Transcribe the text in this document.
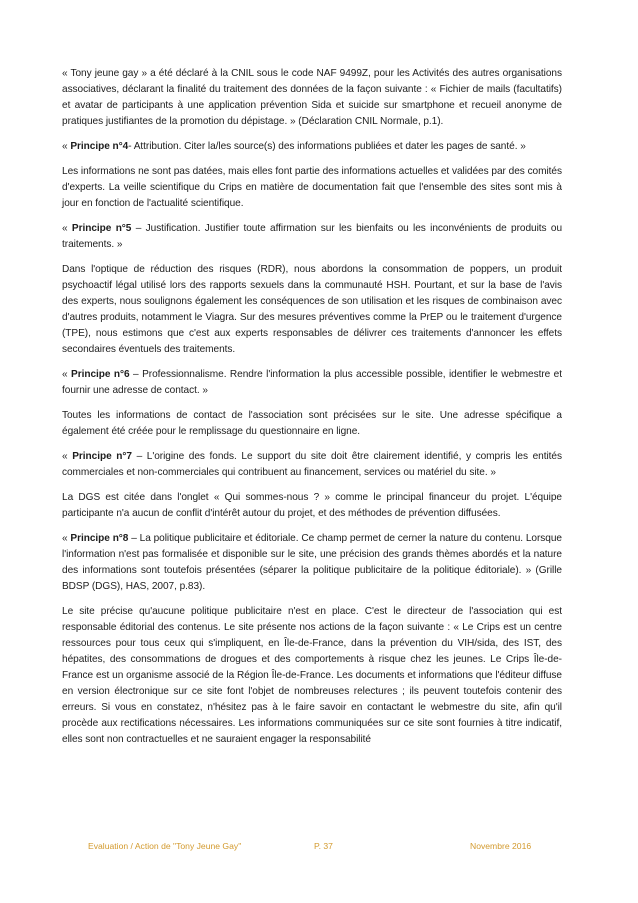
« Tony jeune gay » a été déclaré à la CNIL sous le code NAF 9499Z, pour les Activités des autres organisations associatives, déclarant la finalité du traitement des données de la façon suivante : « Fichier de mails (facultatifs) et avatar de participants à une application prévention Sida et suicide sur smartphone et recueil anonyme de pratiques justifiantes de la promotion du dépistage. » (Déclaration CNIL Normale, p.1).

« Principe n°4- Attribution. Citer la/les source(s) des informations publiées et dater les pages de santé. »

Les informations ne sont pas datées, mais elles font partie des informations actuelles et validées par des comités d'experts. La veille scientifique du Crips en matière de documentation fait que l'ensemble des sites sont mis à jour en fonction de l'actualité scientifique.

« Principe n°5 – Justification. Justifier toute affirmation sur les bienfaits ou les inconvénients de produits ou traitements. »

Dans l'optique de réduction des risques (RDR), nous abordons la consommation de poppers, un produit psychoactif légal utilisé lors des rapports sexuels dans la communauté HSH. Pourtant, et sur la base de l'avis des experts, nous soulignons également les conséquences de son utilisation et les risques de combinaison avec d'autres produits, notamment le Viagra. Sur des mesures préventives comme la PrEP ou le traitement d'urgence (TPE), nous estimons que c'est aux experts responsables de délivrer ces traitements d'annoncer les effets secondaires éventuels des traitements.

« Principe n°6 – Professionnalisme. Rendre l'information la plus accessible possible, identifier le webmestre et fournir une adresse de contact. »

Toutes les informations de contact de l'association sont précisées sur le site. Une adresse spécifique a également été créée pour le remplissage du questionnaire en ligne.

« Principe n°7 – L'origine des fonds. Le support du site doit être clairement identifié, y compris les entités commerciales et non-commerciales qui contribuent au financement, services ou matériel du site. »

La DGS est citée dans l'onglet « Qui sommes-nous ? » comme le principal financeur du projet. L'équipe participante n'a aucun de conflit d'intérêt autour du projet, et des méthodes de prévention diffusées.

« Principe n°8 – La politique publicitaire et éditoriale. Ce champ permet de cerner la nature du contenu. Lorsque l'information n'est pas formalisée et disponible sur le site, une précision des grands thèmes abordés et la nature des informations sont toutefois présentées (séparer la politique publicitaire de la politique éditoriale). » (Grille BDSP (DGS), HAS, 2007, p.83).

Le site précise qu'aucune politique publicitaire n'est en place. C'est le directeur de l'association qui est responsable éditorial des contenus. Le site présente nos actions de la façon suivante : « Le Crips est un centre ressources pour tous ceux qui s'impliquent, en Île-de-France, dans la prévention du VIH/sida, des IST, des hépatites, des consommations de drogues et des comportements à risque chez les jeunes. Le Crips Île-de-France est un organisme associé de la Région Île-de-France. Les documents et informations que l'éditeur diffuse en version électronique sur ce site font l'objet de nombreuses relectures ; ils peuvent toutefois contenir des erreurs. Si vous en constatez, n'hésitez pas à le faire savoir en contactant le webmestre du site, afin qu'il procède aux rectifications nécessaires. Les informations communiquées sur ce site sont fournies à titre indicatif, elles sont non contractuelles et ne sauraient engager la responsabilité

Evaluation / Action de "Tony Jeune Gay"	P. 37	Novembre 2016
